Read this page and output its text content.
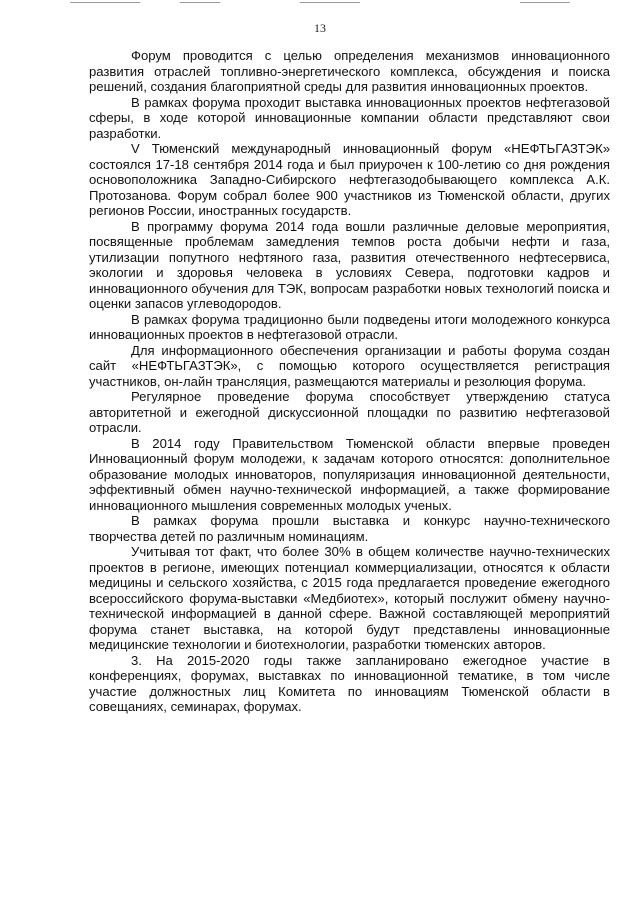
13

Форум проводится с целью определения механизмов инновационного развития отраслей топливно-энергетического комплекса, обсуждения и поиска решений, создания благоприятной среды для развития инновационных проектов.

В рамках форума проходит выставка инновационных проектов нефтегазовой сферы, в ходе которой инновационные компании области представляют свои разработки.

V Тюменский международный инновационный форум «НЕФТЬГАЗТЭК» состоялся 17-18 сентября 2014 года и был приурочен к 100-летию со дня рождения основоположника Западно-Сибирского нефтегазодобывающего комплекса А.К. Протозанова. Форум собрал более 900 участников из Тюменской области, других регионов России, иностранных государств.

В программу форума 2014 года вошли различные деловые мероприятия, посвященные проблемам замедления темпов роста добычи нефти и газа, утилизации попутного нефтяного газа, развития отечественного нефтесервиса, экологии и здоровья человека в условиях Севера, подготовки кадров и инновационного обучения для ТЭК, вопросам разработки новых технологий поиска и оценки запасов углеводородов.

В рамках форума традиционно были подведены итоги молодежного конкурса инновационных проектов в нефтегазовой отрасли.

Для информационного обеспечения организации и работы форума создан сайт «НЕФТЬГАЗТЭК», с помощью которого осуществляется регистрация участников, он-лайн трансляция, размещаются материалы и резолюция форума.

Регулярное проведение форума способствует утверждению статуса авторитетной и ежегодной дискуссионной площадки по развитию нефтегазовой отрасли.

В 2014 году Правительством Тюменской области впервые проведен Инновационный форум молодежи, к задачам которого относятся: дополнительное образование молодых инноваторов, популяризация инновационной деятельности, эффективный обмен научно-технической информацией, а также формирование инновационного мышления современных молодых ученых.

В рамках форума прошли выставка и конкурс научно-технического творчества детей по различным номинациям.

Учитывая тот факт, что более 30% в общем количестве научно-технических проектов в регионе, имеющих потенциал коммерциализации, относятся к области медицины и сельского хозяйства, с 2015 года предлагается проведение ежегодного всероссийского форума-выставки «Медбиотех», который послужит обмену научно-технической информацией в данной сфере. Важной составляющей мероприятий форума станет выставка, на которой будут представлены инновационные медицинские технологии и биотехнологии, разработки тюменских авторов.

3. На 2015-2020 годы также запланировано ежегодное участие в конференциях, форумах, выставках по инновационной тематике, в том числе участие должностных лиц Комитета по инновациям Тюменской области в совещаниях, семинарах, форумах.
